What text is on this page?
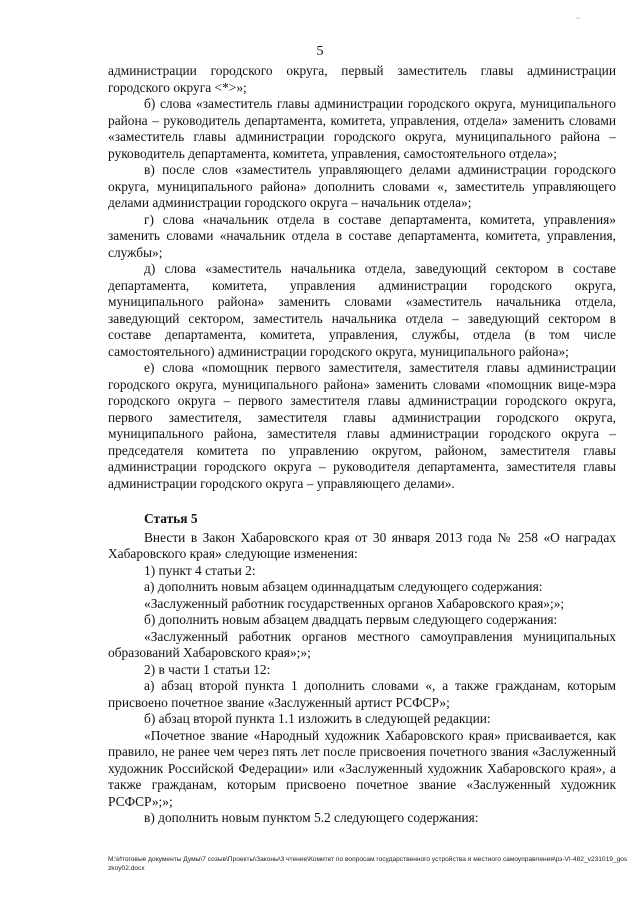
~
5

администрации городского округа, первый заместитель главы администрации городского округа <*>»;

б) слова «заместитель главы администрации городского округа, муниципального района – руководитель департамента, комитета, управления, отдела» заменить словами «заместитель главы администрации городского округа, муниципального района – руководитель департамента, комитета, управления, самостоятельного отдела»;

в) после слов «заместитель управляющего делами администрации городского округа, муниципального района» дополнить словами «, заместитель управляющего делами администрации городского округа – начальник отдела»;

г) слова «начальник отдела в составе департамента, комитета, управления» заменить словами «начальник отдела в составе департамента, комитета, управления, службы»;

д) слова «заместитель начальника отдела, заведующий сектором в составе департамента, комитета, управления администрации городского округа, муниципального района» заменить словами «заместитель начальника отдела, заведующий сектором, заместитель начальника отдела – заведующий сектором в составе департамента, комитета, управления, службы, отдела (в том числе самостоятельного) администрации городского округа, муниципального района»;

е) слова «помощник первого заместителя, заместителя главы администрации городского округа, муниципального района» заменить словами «помощник вице-мэра городского округа – первого заместителя главы администрации городского округа, первого заместителя, заместителя главы администрации городского округа, муниципального района, заместителя главы администрации городского округа – председателя комитета по управлению округом, районом, заместителя главы администрации городского округа – руководителя департамента, заместителя главы администрации городского округа – управляющего делами».

Статья 5

Внести в Закон Хабаровского края от 30 января 2013 года № 258 «О наградах Хабаровского края» следующие изменения:

1) пункт 4 статьи 2:

а) дополнить новым абзацем одиннадцатым следующего содержания:

«Заслуженный работник государственных органов Хабаровского края»;»;

б) дополнить новым абзацем двадцать первым следующего содержания:

«Заслуженный работник органов местного самоуправления муниципальных образований Хабаровского края»;»;

2) в части 1 статьи 12:

а) абзац второй пункта 1 дополнить словами «, а также гражданам, которым присвоено почетное звание «Заслуженный артист РСФСР»;

б) абзац второй пункта 1.1 изложить в следующей редакции:

«Почетное звание «Народный художник Хабаровского края» присваивается, как правило, не ранее чем через пять лет после присвоения почетного звания «Заслуженный художник Российской Федерации» или «Заслуженный художник Хабаровского края», а также гражданам, которым присвоено почетное звание «Заслуженный художник РСФСР»;»;

в) дополнить новым пунктом 5.2 следующего содержания:

M:\Итоговые документы Думы\7 созыв\Проекты\Законы\3 чтение\Комитет по вопросам государственного устройства и местного самоуправления\рз-VI-482_v231019_goszkoy02.docx
